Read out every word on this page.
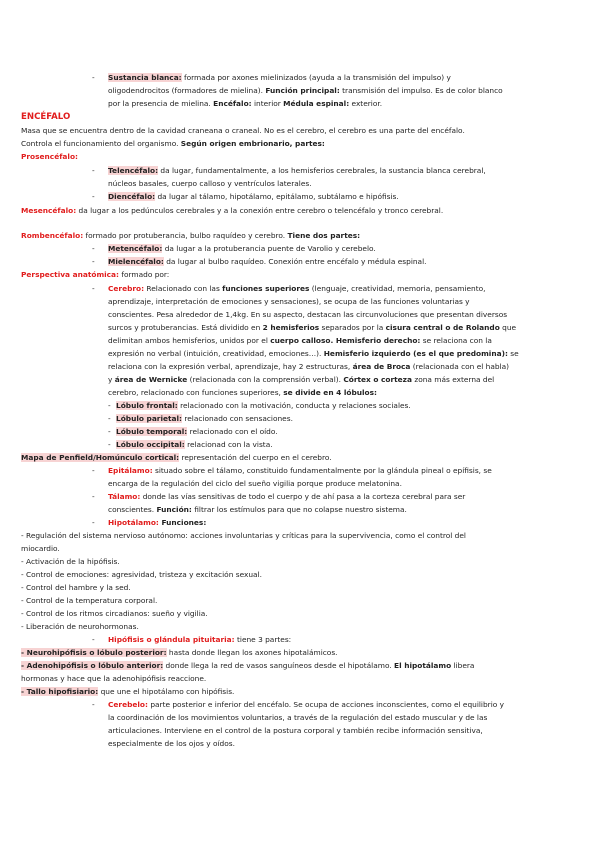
- Sustancia blanca: formada por axones mielinizados (ayuda a la transmisión del impulso) y
oligodendrocitos (formadores de mielina). Función principal: transmisión del impulso. Es de color blanco
por la presencia de mielina. Encéfalo: interior Médula espinal: exterior.
ENCÉFALO
Masa que se encuentra dentro de la cavidad craneana o craneal. No es el cerebro, el cerebro es una parte del encéfalo.
Controla el funcionamiento del organismo. Según origen embrionario, partes:
Prosencéfalo:
- Telencéfalo: da lugar, fundamentalmente, a los hemisferios cerebrales, la sustancia blanca cerebral,
núcleos basales, cuerpo calloso y ventrículos laterales.
- Diencéfalo: da lugar al tálamo, hipotálamo, epitálamo, subtálamo e hipófisis.
Mesencéfalo: da lugar a los pedúnculos cerebrales y a la conexión entre cerebro o telencéfalo y tronco cerebral.
Rombencéfalo: formado por protuberancia, bulbo raquídeo y cerebro. Tiene dos partes:
- Metencéfalo: da lugar a la protuberancia puente de Varolio y cerebelo.
- Mielencéfalo: da lugar al bulbo raquídeo. Conexión entre encéfalo y médula espinal.
Perspectiva anatómica: formado por:
- Cerebro: Relacionado con las funciones superiores (lenguaje, creatividad, memoria, pensamiento,
aprendizaje, interpretación de emociones y sensaciones), se ocupa de las funciones voluntarias y
conscientes. Pesa alrededor de 1,4kg. En su aspecto, destacan las circunvoluciones que presentan diversos
surcos y protuberancias. Está dividido en 2 hemisferios separados por la cisura central o de Rolando que
delimitan ambos hemisferios, unidos por el cuerpo calloso. Hemisferio derecho: se relaciona con la
expresión no verbal (intuición, creatividad, emociones…). Hemisferio izquierdo (es el que predomina): se
relaciona con la expresión verbal, aprendizaje, hay 2 estructuras, área de Broca (relacionada con el habla)
y área de Wernicke (relacionada con la comprensión verbal). Córtex o corteza zona más externa del
cerebro, relacionado con funciones superiores, se divide en 4 lóbulos:
- Lóbulo frontal: relacionado con la motivación, conducta y relaciones sociales.
- Lóbulo parietal: relacionado con sensaciones.
- Lóbulo temporal: relacionado con el oído.
- Lóbulo occipital: relacionad con la vista.
Mapa de Penfield/Homúnculo cortical: representación del cuerpo en el cerebro.
- Epitálamo: situado sobre el tálamo, constituido fundamentalmente por la glándula pineal o epífisis, se
encarga de la regulación del ciclo del sueño vigilia porque produce melatonina.
- Tálamo: donde las vías sensitivas de todo el cuerpo y de ahí pasa a la corteza cerebral para ser
conscientes. Función: filtrar los estímulos para que no colapse nuestro sistema.
- Hipotálamo: Funciones:
- Regulación del sistema nervioso autónomo: acciones involuntarias y críticas para la supervivencia, como el control del
miocardio.
- Activación de la hipófisis.
- Control de emociones: agresividad, tristeza y excitación sexual.
- Control del hambre y la sed.
- Control de la temperatura corporal.
- Control de los ritmos circadianos: sueño y vigilia.
- Liberación de neurohormonas.
- Hipófisis o glándula pituitaria: tiene 3 partes:
- Neurohipófisis o lóbulo posterior: hasta donde llegan los axones hipotalámicos.
- Adenohipófisis o lóbulo anterior: donde llega la red de vasos sanguíneos desde el hipotálamo. El hipotálamo libera
hormonas y hace que la adenohipófisis reaccione.
- Tallo hipofisiario: que une el hipotálamo con hipófisis.
- Cerebelo: parte posterior e inferior del encéfalo. Se ocupa de acciones inconscientes, como el equilibrio y
la coordinación de los movimientos voluntarios, a través de la regulación del estado muscular y de las
articulaciones. Interviene en el control de la postura corporal y también recibe información sensitiva,
especialmente de los ojos y oídos.
